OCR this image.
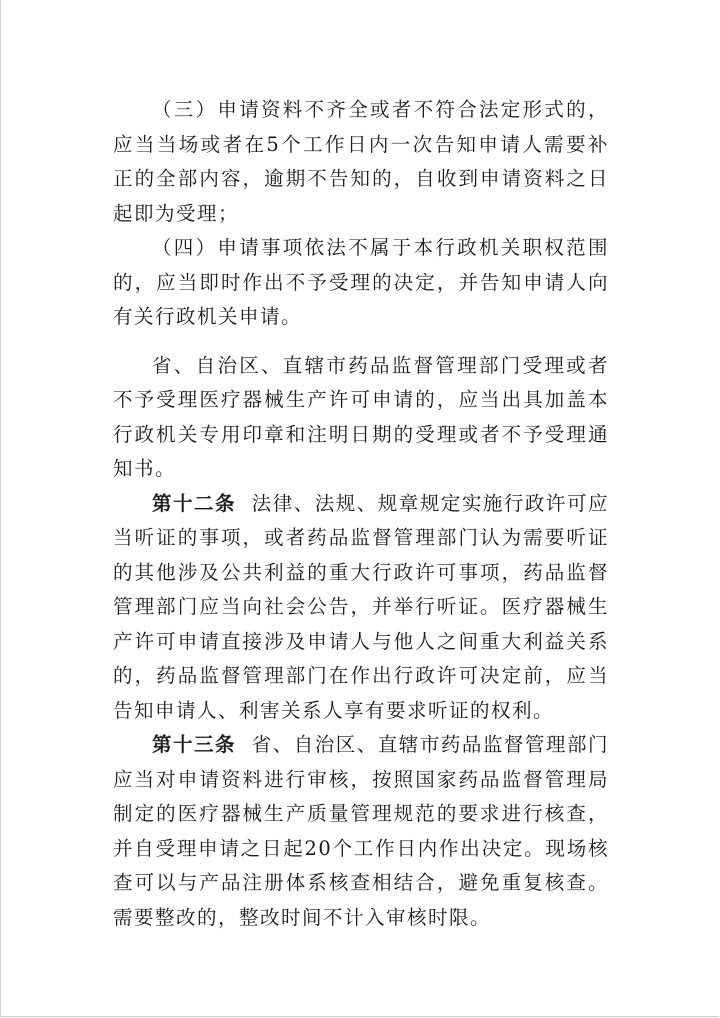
（三）申请资料不齐全或者不符合法定形式的，应当当场或者在5个工作日内一次告知申请人需要补正的全部内容，逾期不告知的，自收到申请资料之日起即为受理；

（四）申请事项依法不属于本行政机关职权范围的，应当即时作出不予受理的决定，并告知申请人向有关行政机关申请。

省、自治区、直辖市药品监督管理部门受理或者不予受理医疗器械生产许可申请的，应当出具加盖本行政机关专用印章和注明日期的受理或者不予受理通知书。

第十二条 法律、法规、规章规定实施行政许可应当听证的事项，或者药品监督管理部门认为需要听证的其他涉及公共利益的重大行政许可事项，药品监督管理部门应当向社会公告，并举行听证。医疗器械生产许可申请直接涉及申请人与他人之间重大利益关系的，药品监督管理部门在作出行政许可决定前，应当告知申请人、利害关系人享有要求听证的权利。

第十三条 省、自治区、直辖市药品监督管理部门应当对申请资料进行审核，按照国家药品监督管理局制定的医疗器械生产质量管理规范的要求进行核查，并自受理申请之日起20个工作日内作出决定。现场核查可以与产品注册体系核查相结合，避免重复核查。需要整改的，整改时间不计入审核时限。
